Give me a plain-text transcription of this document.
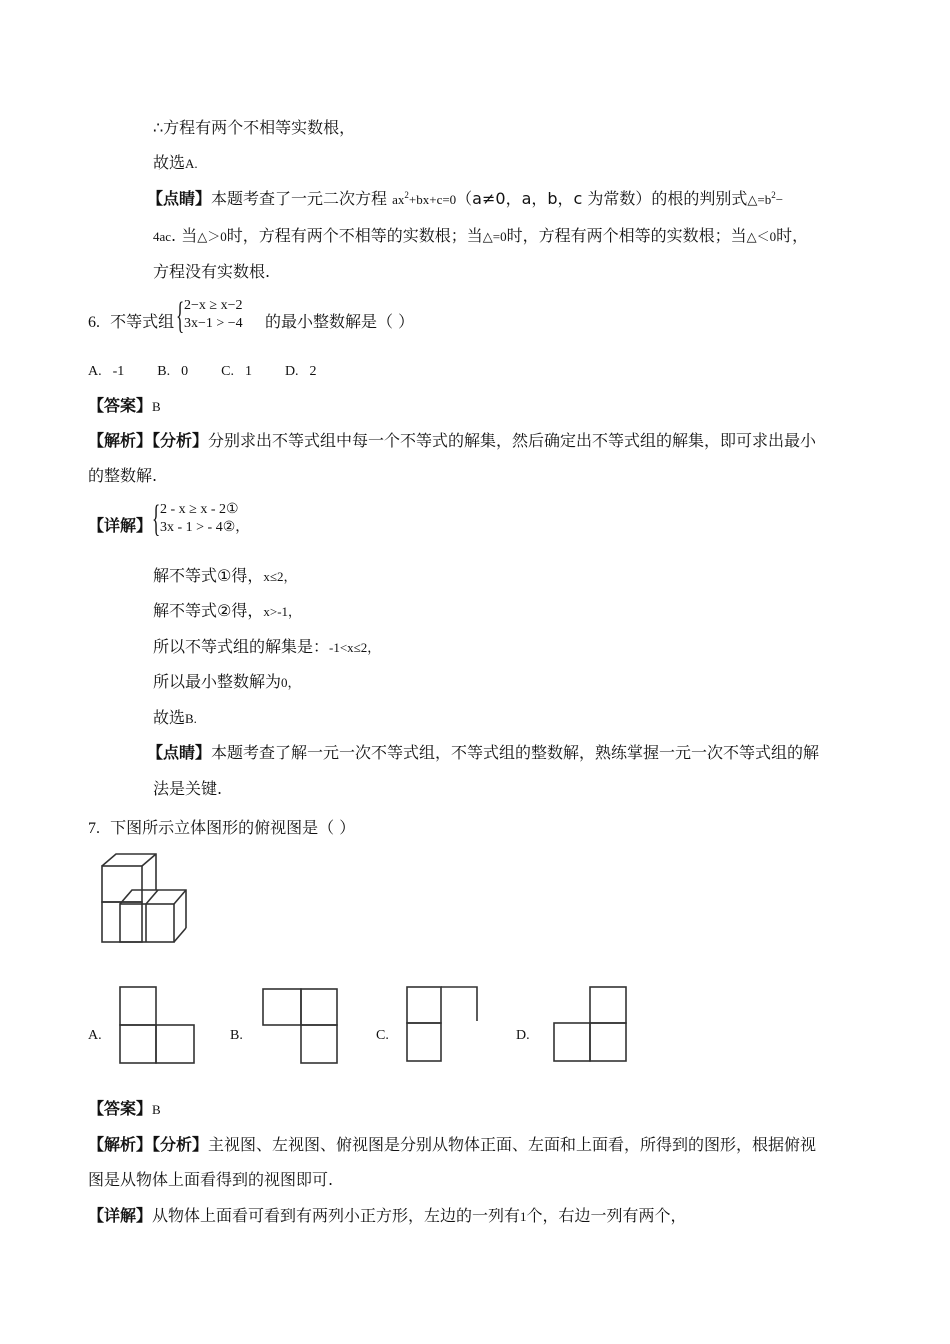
∴方程有两个不相等实数根，
故选A.
【点睛】本题考查了一元二次方程 $ax^2+bx+c=0(a\ne 0$，a，b，c 为常数）的根的判别式$\triangle=b^2-$
4ac. 当△＞0时，方程有两个不相等的实数根；当△=0时，方程有两个相等的实数根；当△＜0时，
方程没有实数根.
6. 不等式组 { 2−x ≥ x−2
3x−1 > −4 的最小整数解是（ ）
A.  -1      B.  0      C.  1      D.  2
【答案】B
【解析】【分析】分别求出不等式组中每一个不等式的解集，然后确定出不等式组的解集，即可求出最小
的整数解.
【详解】 { 2 - x ≥ x - 2①
3x - 1 > - 4②，
解不等式①得，x≤2，
解不等式②得，x>-1，
所以不等式组的解集是：-1<x≤2，
所以最小整数解为0，
故选B.
【点睛】本题考查了解一元一次不等式组，不等式组的整数解，熟练掌握一元一次不等式组的解
法是关键.
7. 下图所示立体图形的俯视图是（ ）
A.	B.	C.	D.
【答案】B
【解析】【分析】主视图、左视图、俯视图是分别从物体正面、左面和上面看，所得到的图形，根据俯视
图是从物体上面看得到的视图即可.
【详解】从物体上面看可看到有两列小正方形，左边的一列有1个，右边一列有两个，
